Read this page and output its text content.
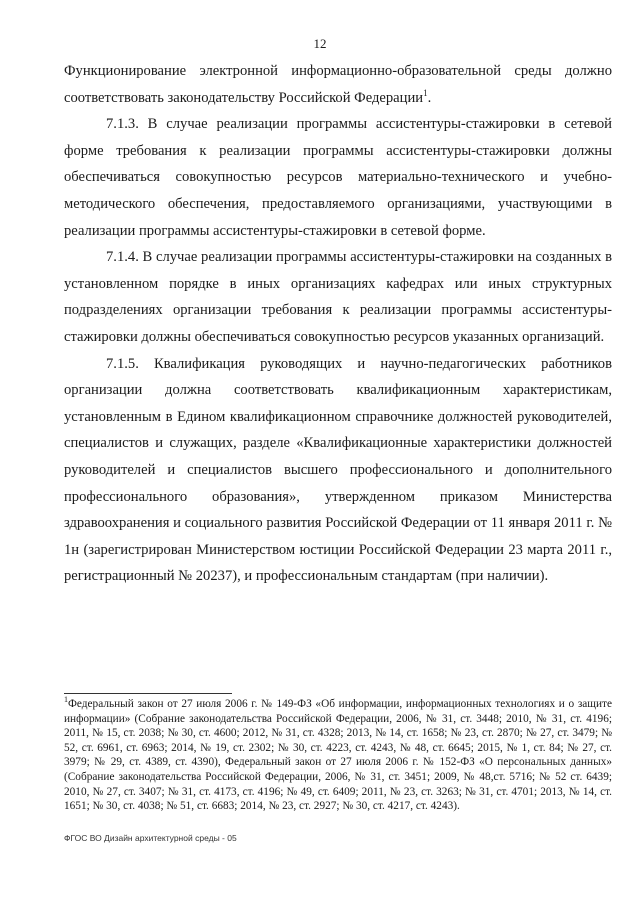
12

Функционирование электронной информационно-образовательной среды должно соответствовать законодательству Российской Федерации$^1$.

7.1.3. В случае реализации программы ассистентуры-стажировки в сетевой форме требования к реализации программы ассистентуры-стажировки должны обеспечиваться совокупностью ресурсов материально-технического и учебно-методического обеспечения, предоставляемого организациями, участвующими в реализации программы ассистентуры-стажировки в сетевой форме.

7.1.4. В случае реализации программы ассистентуры-стажировки на созданных в установленном порядке в иных организациях кафедрах или иных структурных подразделениях организации требования к реализации программы ассистентуры-стажировки должны обеспечиваться совокупностью ресурсов указанных организаций.

7.1.5. Квалификация руководящих и научно-педагогических работников организации должна соответствовать квалификационным характеристикам, установленным в Едином квалификационном справочнике должностей руководителей, специалистов и служащих, разделе «Квалификационные характеристики должностей руководителей и специалистов высшего профессионального и дополнительного профессионального образования», утвержденном приказом Министерства здравоохранения и социального развития Российской Федерации от 11 января 2011 г. № 1н (зарегистрирован Министерством юстиции Российской Федерации 23 марта 2011 г., регистрационный № 20237), и профессиональным стандартам (при наличии).

$^1$Федеральный закон от 27 июля 2006 г. № 149-ФЗ «Об информации, информационных технологиях и о защите информации» (Собрание законодательства Российской Федерации, 2006, № 31, ст. 3448; 2010, № 31, ст. 4196; 2011, № 15, ст. 2038; № 30, ст. 4600; 2012, № 31, ст. 4328; 2013, № 14, ст. 1658; № 23, ст. 2870; № 27, ст. 3479; № 52, ст. 6961, ст. 6963; 2014, № 19, ст. 2302; № 30, ст. 4223, ст. 4243, № 48, ст. 6645; 2015, № 1, ст. 84; № 27, ст. 3979; № 29, ст. 4389, ст. 4390), Федеральный закон от 27 июля 2006 г. № 152-ФЗ «О персональных данных» (Собрание законодательства Российской Федерации, 2006, № 31, ст. 3451; 2009, № 48,ст. 5716; № 52 ст. 6439; 2010, № 27, ст. 3407; № 31, ст. 4173, ст. 4196; № 49, ст. 6409; 2011, № 23, ст. 3263; № 31, ст. 4701; 2013, № 14, ст. 1651; № 30, ст. 4038; № 51, ст. 6683; 2014, № 23, ст. 2927; № 30, ст. 4217, ст. 4243).
ФГОС ВО Дизайн архитектурной среды - 05
